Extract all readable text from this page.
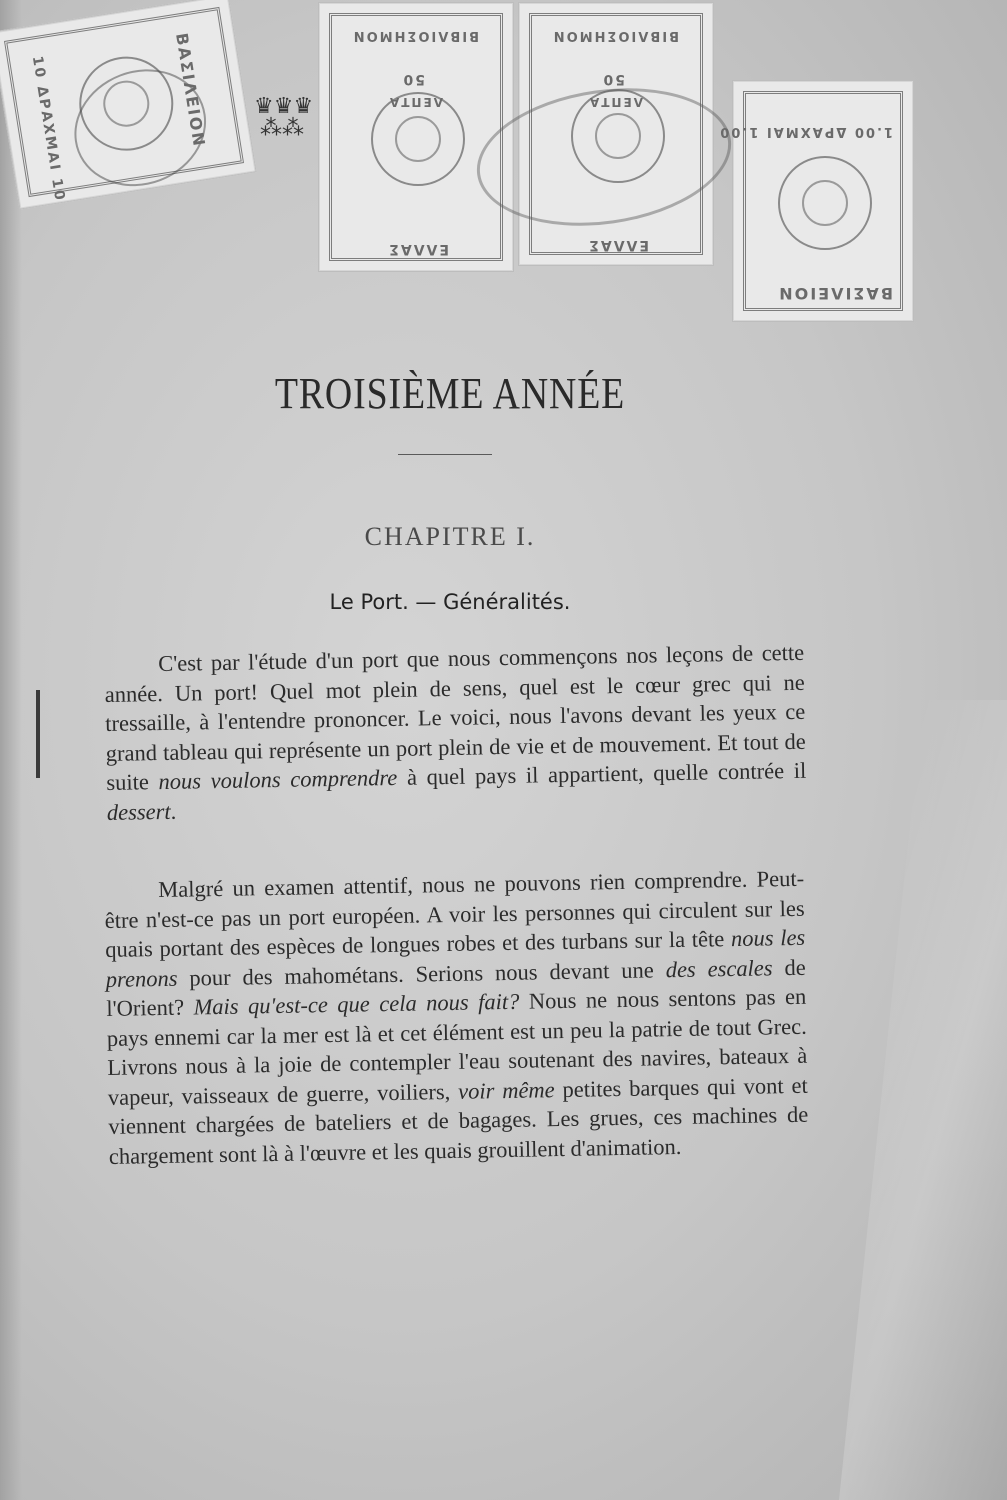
ΒΑΣΙΛΕΙΟΝ
10 ΔΡΑΧΜΑΙ 10
ΒΙΒΛΙΟΣΗΜΟΝ
50
ΛΕΠΤΑ
ΕΛΛΑΣ
ΒΙΒΛΙΟΣΗΜΟΝ
50
ΛΕΠΤΑ
ΕΛΛΑΣ
ΒΑΣΙΛΕΙΟΝ
1.00 ΔΡΑΧΜΑΙ 1.00
♛♛♛
⁂⁂
TROISIÈME ANNÉE
CHAPITRE I.
Le Port. — Généralités.

C'est par l'étude d'un port que nous commençons nos leçons de cette année. Un port! Quel mot plein de sens, quel est le cœur grec qui ne tressaille, à l'entendre prononcer. Le voici, nous l'avons devant les yeux ce grand tableau qui représente un port plein de vie et de mouvement. Et tout de suite nous voulons comprendre à quel pays il appartient, quelle contrée il dessert.

Malgré un examen attentif, nous ne pouvons rien comprendre. Peut-être n'est-ce pas un port européen. A voir les personnes qui circulent sur les quais portant des espèces de longues robes et des turbans sur la tête nous les prenons pour des mahométans. Serions nous devant une des escales de l'Orient? Mais qu'est-ce que cela nous fait? Nous ne nous sentons pas en pays ennemi car la mer est là et cet élément est un peu la patrie de tout Grec. Livrons nous à la joie de contempler l'eau soutenant des navires, bateaux à vapeur, vaisseaux de guerre, voiliers, voir même petites barques qui vont et viennent chargées de bateliers et de bagages. Les grues, ces machines de chargement sont là à l'œuvre et les quais grouillent d'animation.
